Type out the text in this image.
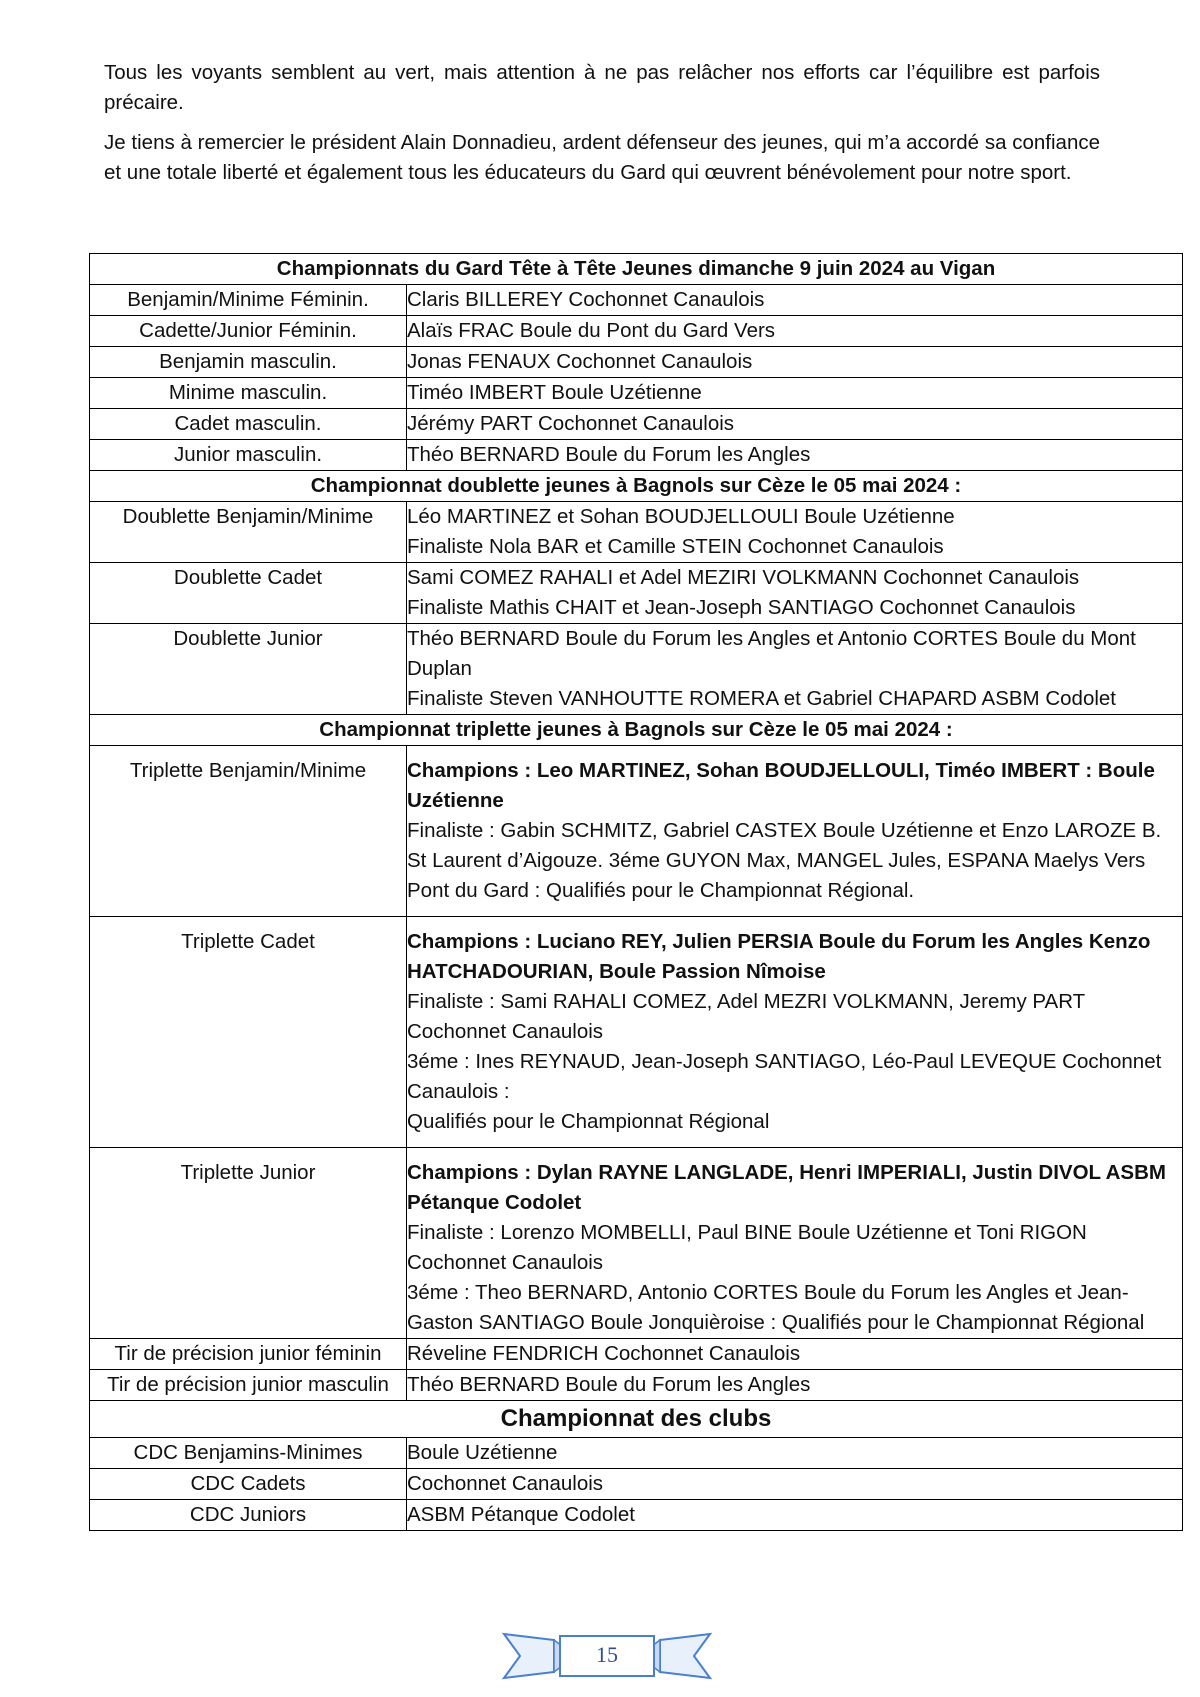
Tous les voyants semblent au vert, mais attention à ne pas relâcher nos efforts car l’équilibre est parfois précaire.

Je tiens à remercier le président Alain Donnadieu, ardent défenseur des jeunes, qui m’a accordé sa confiance et une totale liberté et également tous les éducateurs du Gard qui œuvrent bénévolement pour notre sport.

Championnats du Gard Tête à Tête Jeunes dimanche 9 juin 2024 au Vigan	
Benjamin/Minime Féminin.	Claris BILLEREY Cochonnet Canaulois
Cadette/Junior Féminin.	Alaïs FRAC Boule du Pont du Gard Vers
Benjamin masculin.	Jonas FENAUX Cochonnet Canaulois
Minime masculin.	Timéo IMBERT Boule Uzétienne
Cadet masculin.	Jérémy PART Cochonnet Canaulois
Junior masculin.	Théo BERNARD Boule du Forum les Angles
Championnat doublette jeunes à Bagnols sur Cèze le 05 mai 2024 :	
Doublette Benjamin/Minime	Léo MARTINEZ et Sohan BOUDJELLOULI Boule Uzétienne
Finaliste Nola BAR et Camille STEIN Cochonnet Canaulois

Doublette Cadet	Sami COMEZ RAHALI et Adel MEZIRI VOLKMANN Cochonnet Canaulois
Finaliste Mathis CHAIT et Jean-Joseph SANTIAGO Cochonnet Canaulois

Doublette Junior	Théo BERNARD Boule du Forum les Angles et Antonio CORTES Boule du Mont Duplan
Finaliste Steven VANHOUTTE ROMERA et Gabriel CHAPARD ASBM Codolet

Championnat triplette jeunes à Bagnols sur Cèze le 05 mai 2024 :	
Triplette Benjamin/Minime	Champions : Leo MARTINEZ, Sohan BOUDJELLOULI, Timéo IMBERT : Boule Uzétienne
Finaliste : Gabin SCHMITZ, Gabriel CASTEX Boule Uzétienne et Enzo LAROZE B. St Laurent d’Aigouze. 3éme GUYON Max, MANGEL Jules, ESPANA Maelys Vers Pont du Gard : Qualifiés pour le Championnat Régional.

Triplette Cadet	Champions : Luciano REY, Julien PERSIA Boule du Forum les Angles Kenzo HATCHADOURIAN, Boule Passion Nîmoise
Finaliste : Sami RAHALI COMEZ, Adel MEZRI VOLKMANN, Jeremy PART Cochonnet Canaulois
3éme : Ines REYNAUD, Jean-Joseph SANTIAGO, Léo-Paul LEVEQUE Cochonnet Canaulois :
Qualifiés pour le Championnat Régional

Triplette Junior	Champions : Dylan RAYNE LANGLADE, Henri IMPERIALI, Justin DIVOL ASBM Pétanque Codolet
Finaliste : Lorenzo MOMBELLI, Paul BINE Boule Uzétienne et Toni RIGON Cochonnet Canaulois
3éme : Theo BERNARD, Antonio CORTES Boule du Forum les Angles et Jean-Gaston SANTIAGO Boule Jonquièroise : Qualifiés pour le Championnat Régional

Tir de précision junior féminin	Réveline FENDRICH Cochonnet Canaulois
Tir de précision junior masculin	Théo BERNARD Boule du Forum les Angles
Championnat des clubs	
CDC Benjamins-Minimes	Boule Uzétienne
CDC Cadets	Cochonnet Canaulois
CDC Juniors	ASBM Pétanque Codolet
15
